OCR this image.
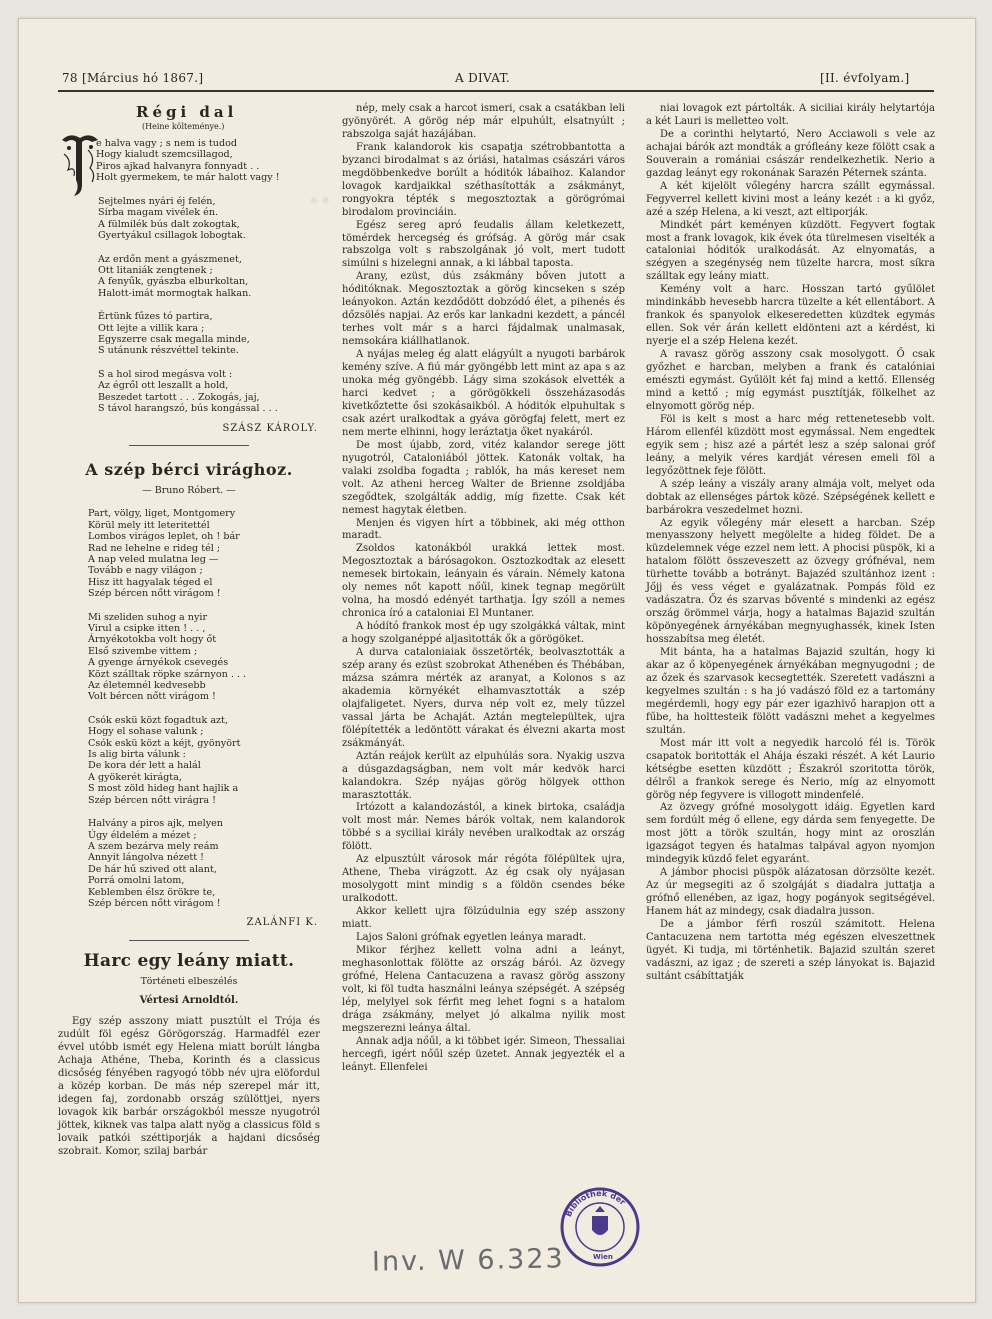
..
78 [Március hó 1867.]	A DIVAT.	[II. évfolyam.]
Régi dal
(Heine költeménye.)
e halva vagy ; s nem is tudod
Hogy kialudt szemcsillagod,
Piros ajkad halvanyra fonnyadt . .
Holt gyermekem, te már halott vagy !
Sejtelmes nyári éj felén,
Sírba magam vivélek én.
A fülmilék bús dalt zokogtak,
Gyertyákul csillagok lobogtak.
Az erdőn ment a gyászmenet,
Ott litaniák zengtenek ;
A fenyűk, gyászba elburkoltan,
Halott-imát mormogtak halkan.
Értünk fűzes tó partira,
Ott lejte a villik kara ;
Egyszerre csak megalla minde,
S utánunk részvéttel tekinte.
S a hol sirod megásva volt :
Az égről ott leszallt a hold,
Beszedet tartott . . . Zokogás, jaj,
S távol harangszó, bús kongással . . .
SZÁSZ KÁROLY.
A szép bérci virághoz.
— Bruno Róbert. —
Part, völgy, liget, Montgomery
Körül mely itt leteritettél
Lombos virágos leplet, oh ! bár
Rad ne lehelne e rideg tél ;
A nap veled mulatna leg —
Tovább e nagy világon ;
Hisz itt hagyalak téged el
Szép bércen nőtt virágom !
Mi szeliden suhog a nyir
Virul a csipke itten ! . . ,
Árnyékotokba volt hogy őt
Első szivembe vittem ;
A gyenge árnyékok csevegés
Közt szálltak röpke szárnyon . . .
Az életemnél kedvesebb
Volt bércen nőtt virágom !
Csók eskü közt fogadtuk azt,
Hogy el sohase valunk ;
Csók eskü közt a kéjt, gyönyört
Is alig birta válunk :
De kora dér lett a halál
A gyökerét kirágta,
S most zöld hideg hant hajlik a
Szép bércen nőtt virágra !
Halvány a piros ajk, melyen
Úgy éldelém a mézet ;
A szem bezárva mely reám
Annyit lángolva nézett !
De hár hű szived ott alant,
Porrá omolni latom,
Keblemben élsz örökre te,
Szép bércen nőtt virágom !
ZALÁNFI K.
Harc egy leány miatt.
Történeti elbeszélés
Vértesi Arnoldtól.

Egy szép asszony miatt pusztúlt el Trója és zudúlt föl egész Görögország. Harmadfél ezer évvel utóbb ismét egy Helena miatt borúlt lángba Achaja Athéne, Theba, Korinth és a classicus dicsőség fényében ragyogó több név ujra elöfordul a közép korban. De más nép szerepel már itt, idegen faj, zordonabb ország szülöttjei, nyers lovagok kik barbár országokból messze nyugotról jöttek, kiknek vas talpa alatt nyög a classicus föld s lovaik patkói széttiporják a hajdani dicsőség szobrait. Komor, szilaj barbár

nép, mely csak a harcot ismeri, csak a csatákban leli gyönyörét. A görög nép már elpuhúlt, elsatnyúlt ; rabszolga saját hazájában.

Frank kalandorok kis csapatja szétrobbantotta a byzanci birodalmat s az óriási, hatalmas császári város megdöbbenkedve borúlt a hóditók lábaihoz. Kalandor lovagok kardjaikkal széthasították a zsákmányt, rongyokra tépték s megosztoztak a görögrómai birodalom provinciáin.

Egész sereg apró feudalis állam keletkezett, tömérdek hercegség és grófság. A görög már csak rabszolga volt s rabszolgának jó volt, mert tudott simúlni s hizelegni annak, a ki lábbal taposta.

Arany, ezüst, dús zsákmány bőven jutott a hóditóknak. Megosztoztak a görög kincseken s szép leányokon. Aztán kezdődött dobzódó élet, a pihenés és dőzsölés napjai. Az erős kar lankadni kezdett, a páncél terhes volt már s a harci fájdalmak unalmasak, nemsokára kiállhatlanok.

A nyájas meleg ég alatt elágyúlt a nyugoti barbárok kemény szíve. A fiú már gyöngébb lett mint az apa s az unoka még gyöngébb. Lágy sima szokások elvették a harci kedvet ; a görögökkeli összeházasodás kivetkőztette ősi szokásaikból. A hóditók elpuhultak s csak azért uralkodtak a gyáva görögfaj felett, mert ez nem merte elhinni, hogy leráztatja őket nyakáról.

De most újabb, zord, vitéz kalandor serege jött nyugotról, Cataloniából jöttek. Katonák voltak, ha valaki zsoldba fogadta ; rablók, ha más kereset nem volt. Az atheni herceg Walter de Brienne zsoldjába szegődtek, szolgálták addig, míg fizette. Csak két nemest hagytak életben.

Menjen és vigyen hírt a többinek, aki még otthon maradt.

Zsoldos katonákból urakká lettek most. Megosztoztak a bárósagokon. Osztozkodtak az elesett nemesek birtokain, leányain és várain. Némely katona oly nemes nőt kapott nőűl, kinek tegnap megörült volna, ha mosdó edényét tarthatja. Így szóll a nemes chronica író a cataloniai El Muntaner.

A hódító frankok most ép ugy szolgákká váltak, mint a hogy szolganéppé aljasitották ők a görögöket.

A durva cataloniaiak összetörték, beolvasztották a szép arany és ezüst szobrokat Athenében és Thébában, mázsa számra mérték az aranyat, a Kolonos s az akademia környékét elhamvasztották a szép olajfaligetet. Nyers, durva nép volt ez, mely tűzzel vassal járta be Achaját. Aztán megtelepültek, ujra fölépítették a ledöntött várakat és élvezni akarta most zsákmányát.

Aztán reájok került az elpuhúlás sora. Nyakig uszva a dúsgazdagságban, nem volt már kedvök harci kalandokra. Szép nyájas görög hölgyek otthon marasztották.

Irtózott a kalandozástól, a kinek birtoka, családja volt most már. Nemes bárók voltak, nem kalandorok többé s a syciliai király nevében uralkodtak az ország fölött.

Az elpusztúlt városok már régóta fölépültek ujra, Athene, Theba virágzott. Az ég csak oly nyájasan mosolygott mint mindig s a földön csendes béke uralkodott.

Akkor kellett ujra fölzúdulnia egy szép asszony miatt.

Lajos Saloni grófnak egyetlen leánya maradt.

Mikor férjhez kellett volna adni a leányt, meghasonlottak fölötte az ország bárói. Az özvegy grófné, Helena Cantacuzena a ravasz görög asszony volt, ki föl tudta használni leánya szépségét. A szépség lép, melylyel sok férfit meg lehet fogni s a hatalom drága zsákmány, melyet jó alkalma nyilik most megszerezni leánya által.

Annak adja nőűl, a ki többet igér. Simeon, Thessaliai hercegfi, igért nőűl szép üzetet. Annak jegyezték el a leányt. Ellenfelei

niai lovagok ezt pártolták. A siciliai király helytartója a két Lauri is melletteo volt.

De a corinthi helytartó, Nero Acciawoli s vele az achajai bárók azt mondták a grófleány keze fölött csak a Souverain a romániai császár rendelkezhetik. Nerio a gazdag leányt egy rokonának Sarazén Péternek szánta.

A két kijelölt vőlegény harcra szállt egymással. Fegyverrel kellett kivini most a leány kezét : a ki győz, azé a szép Helena, a ki veszt, azt eltiporják.

Mindkét párt keményen küzdött. Fegyvert fogtak most a frank lovagok, kik évek óta türelmesen viselték a cataloniai hóditók uralkodását. Az elnyomatás, a szégyen a szegénység nem tüzelte harcra, most síkra szálltak egy leány miatt.

Kemény volt a harc. Hosszan tartó gyűlölet mindinkább hevesebb harcra tüzelte a két ellentábort. A frankok és spanyolok elkeseredetten küzdtek egymás ellen. Sok vér árán kellett eldönteni azt a kérdést, ki nyerje el a szép Helena kezét.

A ravasz görög asszony csak mosolygott. Ő csak győzhet e harcban, melyben a frank és catalóniai emészti egymást. Gyűlölt két faj mind a kettő. Ellenség mind a kettő ; míg egymást pusztítják, fölkelhet az elnyomott görög nép.

Föl is kelt s most a harc még rettenetesebb volt. Három ellenfél küzdött most egymással. Nem engedtek egyik sem ; hisz azé a pártét lesz a szép salonai gróf leány, a melyik véres kardját véresen emeli föl a legyőzöttnek feje fölött.

A szép leány a viszály arany almája volt, melyet oda dobtak az ellenséges pártok közé. Szépségének kellett e barbárokra veszedelmet hozni.

Az egyik vőlegény már elesett a harcban. Szép menyasszony helyett megölelte a hideg földet. De a küzdelemnek vége ezzel nem lett. A phocisi püspök, ki a hatalom fölött összeveszett az özvegy grófnéval, nem türhette tovább a botrányt. Bajazéd szultánhoz izent : Jőjj és vess véget e gyalázatnak. Pompás föld ez vadászatra. Őz és szarvas bőventé s mindenki az egész ország örömmel várja, hogy a hatalmas Bajazid szultán köpönyegének árnyékában megnyughassék, kinek Isten hosszabítsa meg életét.

Mit bánta, ha a hatalmas Bajazid szultán, hogy ki akar az ő köpenyegének árnyékában megnyugodni ; de az őzek és szarvasok kecsegtették. Szeretett vadászni a kegyelmes szultán : s ha jó vadászó föld ez a tartomány megérdemli, hogy egy pár ezer igazhivő harapjon ott a fűbe, ha holttesteik fölött vadászni mehet a kegyelmes szultán.

Most már itt volt a negyedik harcoló fél is. Török csapatok boritották el Ahája északi részét. A két Laurio kétségbe esetten küzdött ; Északról szoritotta török, délről a frankok serege és Nerio, míg az elnyomott görög nép fegyvere is villogott mindenfelé.

Az özvegy grófné mosolygott idáig. Egyetlen kard sem fordúlt még ő ellene, egy dárda sem fenyegette. De most jött a török szultán, hogy mint az oroszlán igazságot tegyen és hatalmas talpával agyon nyomjon mindegyik küzdő felet egyaránt.

A jámbor phocisi püspök alázatosan dörzsölte kezét. Az úr megsegiti az ő szolgáját s diadalra juttatja a grófnő ellenében, az igaz, hogy pogányok segitségével. Hanem hát az mindegy, csak diadalra jusson.

De a jámbor férfi roszúl számitott. Helena Cantacuzena nem tartotta még egészen elveszettnek ügyét. Ki tudja, mi történhetik. Bajazid szultán szeret vadászni, az igaz ; de szereti a szép lányokat is. Bajazid sultánt csábíttatják

Bibliothek der
Wien
Inv. W 6.323
